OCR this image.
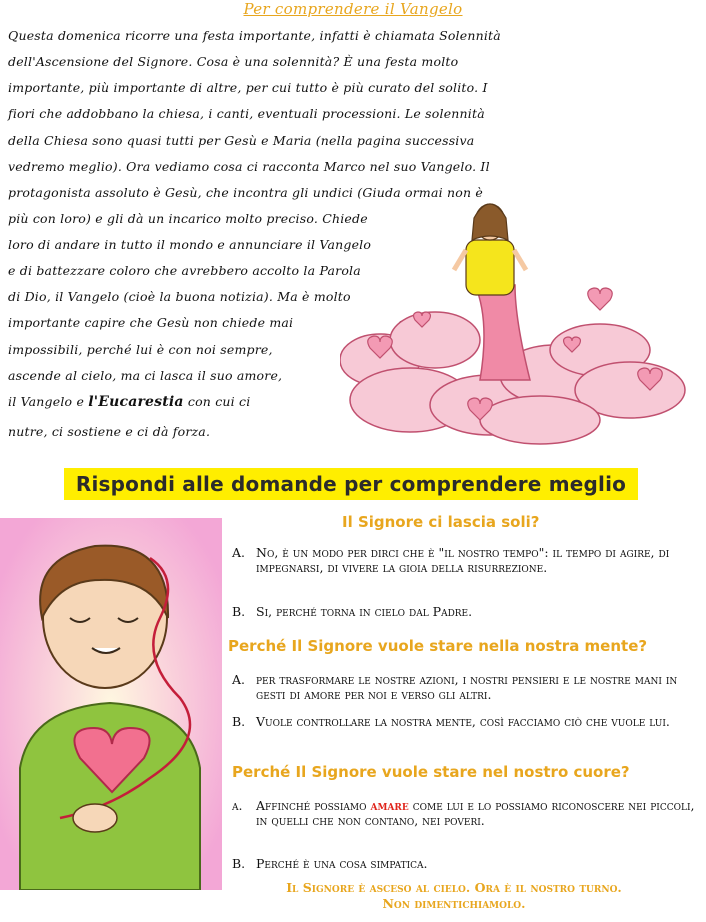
Per comprendere il Vangelo
Questa domenica ricorre una festa importante, infatti è chiamata Solennità
dell'Ascensione del Signore. Cosa è una solennità? È una festa molto
importante, più importante di altre, per cui tutto è più curato del solito. I
fiori che addobbano la chiesa, i canti, eventuali processioni. Le solennità
della Chiesa sono quasi tutti per Gesù e Maria (nella pagina successiva
vedremo meglio). Ora vediamo cosa ci racconta Marco nel suo Vangelo. Il
protagonista assoluto è Gesù, che incontra gli undici (Giuda ormai non è
più con loro) e gli dà un incarico molto preciso. Chiede
loro di andare in tutto il mondo e annunciare il Vangelo
e di battezzare coloro che avrebbero accolto la Parola
di Dio, il Vangelo (cioè la buona notizia). Ma è molto
importante capire che Gesù non chiede mai
impossibili, perché lui è con noi sempre,
ascende al cielo, ma ci lasca il suo amore,
il Vangelo e l'Eucarestia con cui ci
nutre, ci sostiene e ci dà forza.
Rispondi alle domande per comprendere meglio
Il Signore ci lascia soli?
A. No, è un modo per dirci che è "il nostro tempo": il tempo di agire, di impegnarsi, di vivere la gioia della risurrezione.
B. Si, perché torna in cielo dal Padre.
Perché Il Signore vuole stare nella nostra mente?
A. per trasformare le nostre azioni, i nostri pensieri e le nostre mani in gesti di amore per noi e verso gli altri.
B. Vuole controllare la nostra mente, così facciamo ciò che vuole lui.
Perché Il Signore vuole stare nel nostro cuore?
a. Affinché possiamo amare come lui e lo possiamo riconoscere nei piccoli, in quelli che non contano, nei poveri.
B. Perché è una cosa simpatica.
Il Signore è asceso al cielo. Ora è il nostro turno.
Non dimentichiamolo.
